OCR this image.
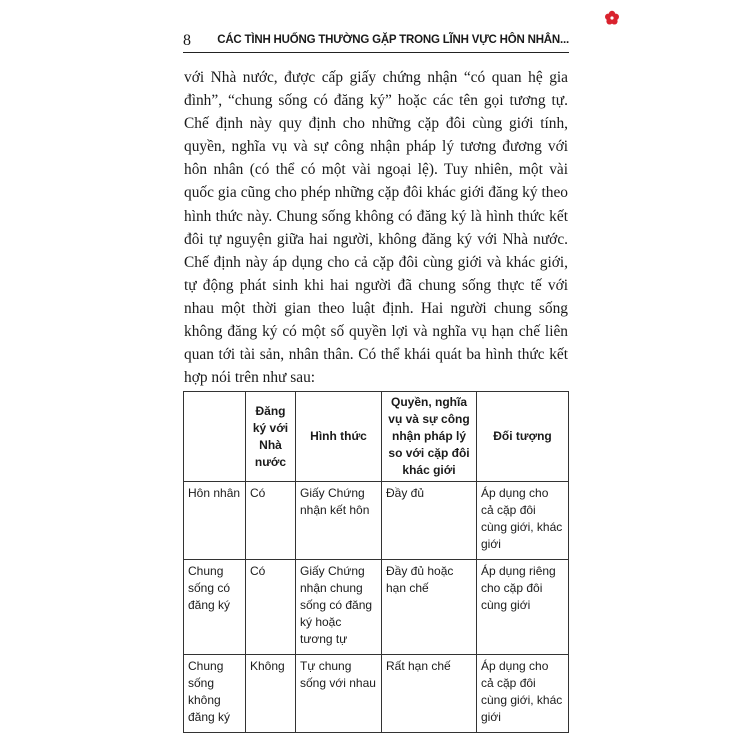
8 CÁC TÌNH HUỐNG THƯỜNG GẶP TRONG LĨNH VỰC HÔN NHÂN...

với Nhà nước, được cấp giấy chứng nhận “có quan hệ gia đình”, “chung sống có đăng ký” hoặc các tên gọi tương tự. Chế định này quy định cho những cặp đôi cùng giới tính, quyền, nghĩa vụ và sự công nhận pháp lý tương đương với hôn nhân (có thể có một vài ngoại lệ). Tuy nhiên, một vài quốc gia cũng cho phép những cặp đôi khác giới đăng ký theo hình thức này. Chung sống không có đăng ký là hình thức kết đôi tự nguyện giữa hai người, không đăng ký với Nhà nước. Chế định này áp dụng cho cả cặp đôi cùng giới và khác giới, tự động phát sinh khi hai người đã chung sống thực tế với nhau một thời gian theo luật định. Hai người chung sống không đăng ký có một số quyền lợi và nghĩa vụ hạn chế liên quan tới tài sản, nhân thân. Có thể khái quát ba hình thức kết hợp nói trên như sau:

	Đăng ký với Nhà nước	Hình thức	Quyền, nghĩa vụ và sự công nhận pháp lý so với cặp đôi khác giới	Đối tượng
Hôn nhân	Có	Giấy Chứng nhận kết hôn	Đầy đủ	Áp dụng cho cả cặp đôi cùng giới, khác giới
Chung sống có đăng ký	Có	Giấy Chứng nhận chung sống có đăng ký hoặc tương tự	Đầy đủ hoặc hạn chế	Áp dụng riêng cho cặp đôi cùng giới
Chung sống không đăng ký	Không	Tự chung sống với nhau	Rất hạn chế	Áp dụng cho cả cặp đôi cùng giới, khác giới
